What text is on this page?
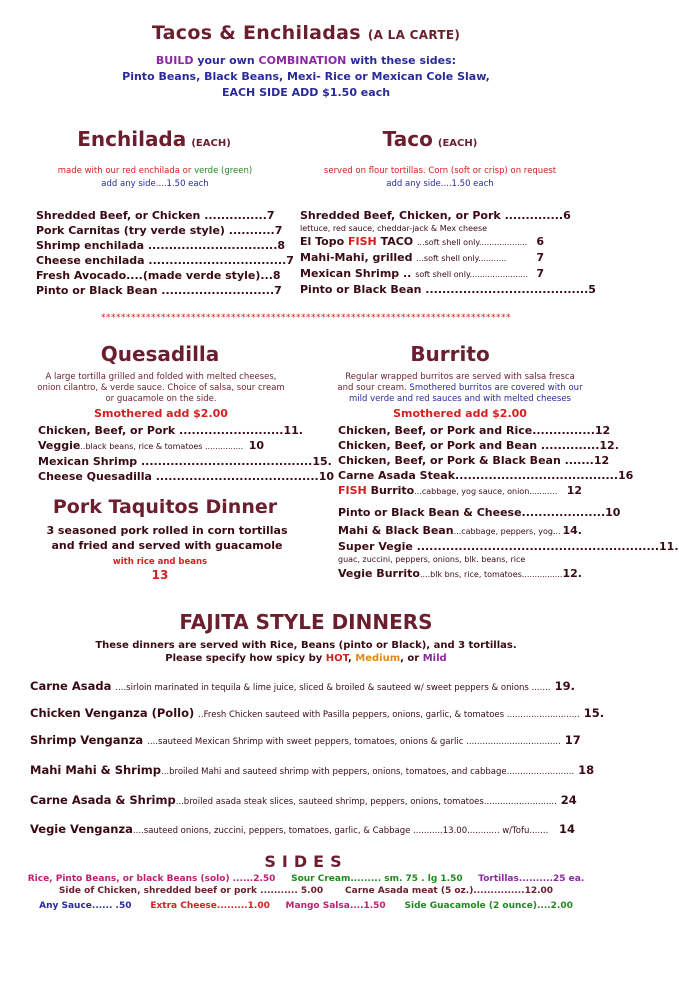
Tacos & Enchiladas (A LA CARTE)
BUILD your own COMBINATION with these sides:
Pinto Beans, Black Beans, Mexi- Rice or Mexican Cole Slaw,
EACH SIDE ADD $1.50 each
Enchilada (EACH)
made with our red enchilada or verde (green)
add any side....1.50 each
Shredded Beef, or Chicken ............... 7
Pork Carnitas (try verde style) ........... 7
Shrimp enchilada ............................... 8
Cheese enchilada ................................. 7
Fresh Avocado....(made verde style)... 8
Pinto or Black Bean ........................... 7
Taco (EACH)
served on flour tortillas. Corn (soft or crisp) on request
add any side....1.50 each
Shredded Beef, Chicken, or Pork .............. 6
lettuce, red sauce, cheddar-jack & Mex cheese
El Topo FISH TACO ...soft shell only................... 6
Mahi-Mahi, grilled ...soft shell only...........	7
Mexican Shrimp .. soft shell only....................... 7
Pinto or Black Bean ....................................... 5
**********************************************************************************
Quesadilla
A large tortilla grilled and folded with melted cheeses, onion cilantro, & verde sauce. Choice of salsa, sour cream or guacamole on the side.
Smothered add $2.00
Chicken, Beef, or Pork ......................... 11.
Veggie..black beans, rice & tomatoes ............... 10
Mexican Shrimp ......................................... 15.
Cheese Quesadilla ....................................... 10
Pork Taquitos Dinner
3 seasoned pork rolled in corn tortillas and fried and served with guacamole
with rice and beans
13
Burrito
Regular wrapped burritos are served with salsa fresca and sour cream. Smothered burritos are covered with our mild verde and red sauces and with melted cheeses
Smothered add $2.00
Chicken, Beef, or Pork and Rice............... 12
Chicken, Beef, or Pork and Bean .............. 12.
Chicken, Beef, or Pork & Black Bean ....... 12
Carne Asada Steak....................................... 16
FISH Burrito...cabbage, yog sauce, onion........... 12
Pinto or Black Bean & Cheese.................... 10
Mahi & Black Bean...cabbage, peppers, yog... 14.
Super Vegie .......................................................... 11.
guac, zuccini, peppers, onions, blk. beans, rice
Vegie Burrito....blk bns, rice, tomatoes................ 12.
FAJITA STYLE DINNERS
These dinners are served with Rice, Beans (pinto or Black), and 3 tortillas.
Please specify how spicy by HOT, Medium, or Mild
Carne Asada ....sirloin marinated in tequila & lime juice, sliced & broiled & sauteed w/ sweet peppers & onions ....... 19.
Chicken Venganza (Pollo) ..Fresh Chicken sauteed with Pasilla peppers, onions, garlic, & tomatoes ........................... 15.
Shrimp Venganza ....sauteed Mexican Shrimp with sweet peppers, tomatoes, onions & garlic ................................... 17
Mahi Mahi & Shrimp...broiled Mahi and sauteed shrimp with peppers, onions, tomatoes, and cabbage......................... 18
Carne Asada & Shrimp...broiled asada steak slices, sauteed shrimp, peppers, onions, tomatoes........................... 24
Vegie Venganza....sauteed onions, zuccini, peppers, tomatoes, garlic, & Cabbage ...........13.00............ w/Tofu....... 14
SIDES
Rice, Pinto Beans, or black Beans (solo) ......2.50 Sour Cream......... sm. 75 . lg 1.50 Tortillas..........25 ea.
Side of Chicken, shredded beef or pork ........... 5.00 Carne Asada meat (5 oz.)...............12.00
Any Sauce...... .50 Extra Cheese.........1.00 Mango Salsa....1.50 Side Guacamole (2 ounce)....2.00
